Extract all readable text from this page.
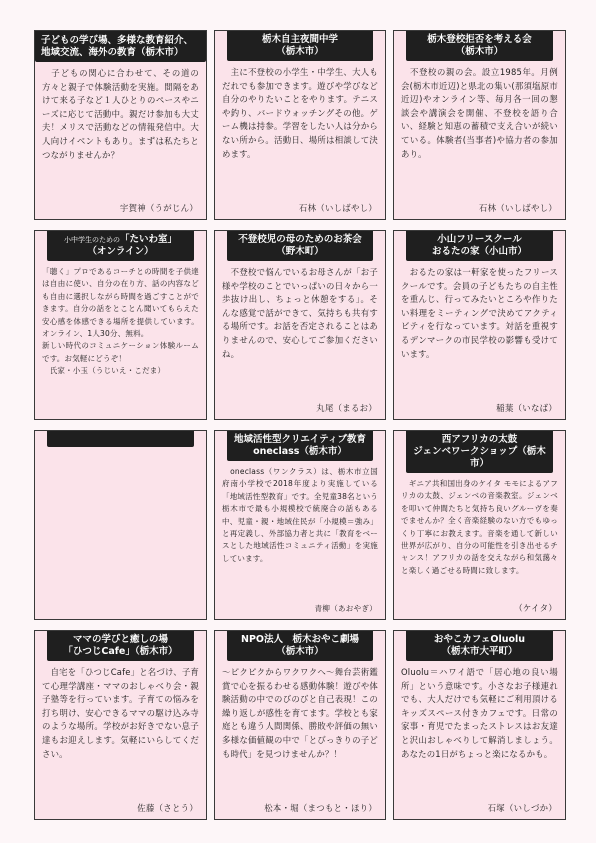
子どもの学び場、多様な教育紹介、地域交流、海外の教育（栃木市）
　子どもの関心に合わせて、その道の方々と親子で体験活動を実施。間隔をあけて来る子など１人ひとりのペースやニーズに応じて活動中。親だけ参加も大丈夫！メリスで活動などの情報発信中。大人向けイベントもあり。まずは私たちとつながりませんか？
宇賀神（うがじん）
栃木自主夜間中学
（栃木市）
　主に不登校の小学生・中学生、大人もだれでも参加できます。遊びや学びなど自分のやりたいことをやります。テニスや釣り、バードウォッチングその他。ゲーム機は持参。学習をしたい人は分からない所から。活動日、場所は相談して決めます。
石林（いしばやし）
栃木登校拒否を考える会
（栃木市）
　不登校の親の会。設立1985年。月例会(栃木市近辺)と県北の集い(那須塩原市近辺)やオンライン等、毎月各一回の懇談会や講演会を開催、不登校を語り合い、経験と知恵の蓄積で支え合いが続いている。体験者(当事者)や協力者の参加あり。
石林（いしばやし）
小中学生のための「たいわ室」
（オンライン）
「聴く」プロであるコーチとの時間を子供達は自由に使い、自分の在り方、話の内容なども自由に選択しながら時間を過ごすことができます。自分の話をとことん聞いてもらえた安心感を体感できる場所を提供しています。オンライン、1人30分、無料。
新しい時代のコミュニケーション体験ルームです。お気軽にどうぞ！
　氏家・小玉（うじいえ・こだま）
不登校児の母のためのお茶会
（野木町）
　不登校で悩んでいるお母さんが「お子様や学校のことでいっぱいの日々から一歩抜け出し、ちょっと休憩をする」。そんな感覚で話ができて、気持ちも共有する場所です。お話を否定されることはありませんので、安心してご参加くださいね。
丸尾（まるお）
小山フリースクール
おるたの家（小山市）
　おるたの家は一軒家を使ったフリースクールです。会員の子どもたちの自主性を重んじ、行ってみたいところや作りたい料理をミーティングで決めてアクティビティを行なっています。対話を重視するデンマークの市民学校の影響も受けています。
稲葉（いなば）
地域活性型クリエイティブ教育
oneclass（栃木市）
　oneclass（ワンクラス）は、栃木市立国府南小学校で2018年度より実施している「地域活性型教育」です。全児童38名という栃木市で最も小規模校で統廃合の話もある中、児童・親・地域住民が「小規模＝強み」と再定義し、外部協力者と共に「教育をベースとした地域活性コミュニティ活動」を実施しています。
青柳（あおやぎ）
西アフリカの太鼓
ジェンベワークショップ（栃木市）
　ギニア共和国出身のケイタ モモによるアフリカの太鼓、ジェンベの音楽教室。ジェンベを叩いて仲間たちと気持ち良いグルーヴを奏でませんか？全く音楽経験のない方でもゆっくり丁寧にお教えます。音楽を通して新しい世界が広がり、自分の可能性を引き出せるチャンス！アフリカの話を交えながら和気藹々と楽しく過ごせる時間に致します。
（ケイタ）
ママの学びと癒しの場
「ひつじCafe」（栃木市）
　自宅を「ひつじCafe」と名づけ、子育て心理学講座・ママのおしゃべり会・親子塾等を行っています。子育ての悩みを打ち明け、安心できるママの駆け込み寺のような場所。学校がお好きでない息子達もお迎えします。気軽にいらしてください。
佐藤（さとう）
NPO法人　栃木おやこ劇場
（栃木市）
〜ピクピクからワクワクへ〜舞台芸術鑑賞で心を振るわせる感動体験！遊びや体験活動の中でのびのびと自己表現！この繰り返しが感性を育てます。学校とも家庭とも違う人間関係、勝敗や評価の無い多様な価値観の中で「とびっきりの子ども時代」を見つけませんか？！
松本・堀（まつもと・ほり）
おやこカフェOluolu
（栃木市大平町）
Oluolu＝ハワイ語で「居心地の良い場所」という意味です。小さなお子様連れでも、大人だけでも気軽にご利用頂けるキッズスペース付きカフェです。日常の家事・育児でたまったストレスはお友達と沢山おしゃべりして解消しましょう。あなたの1日がちょっと楽になるかも。
石塚（いしづか）
